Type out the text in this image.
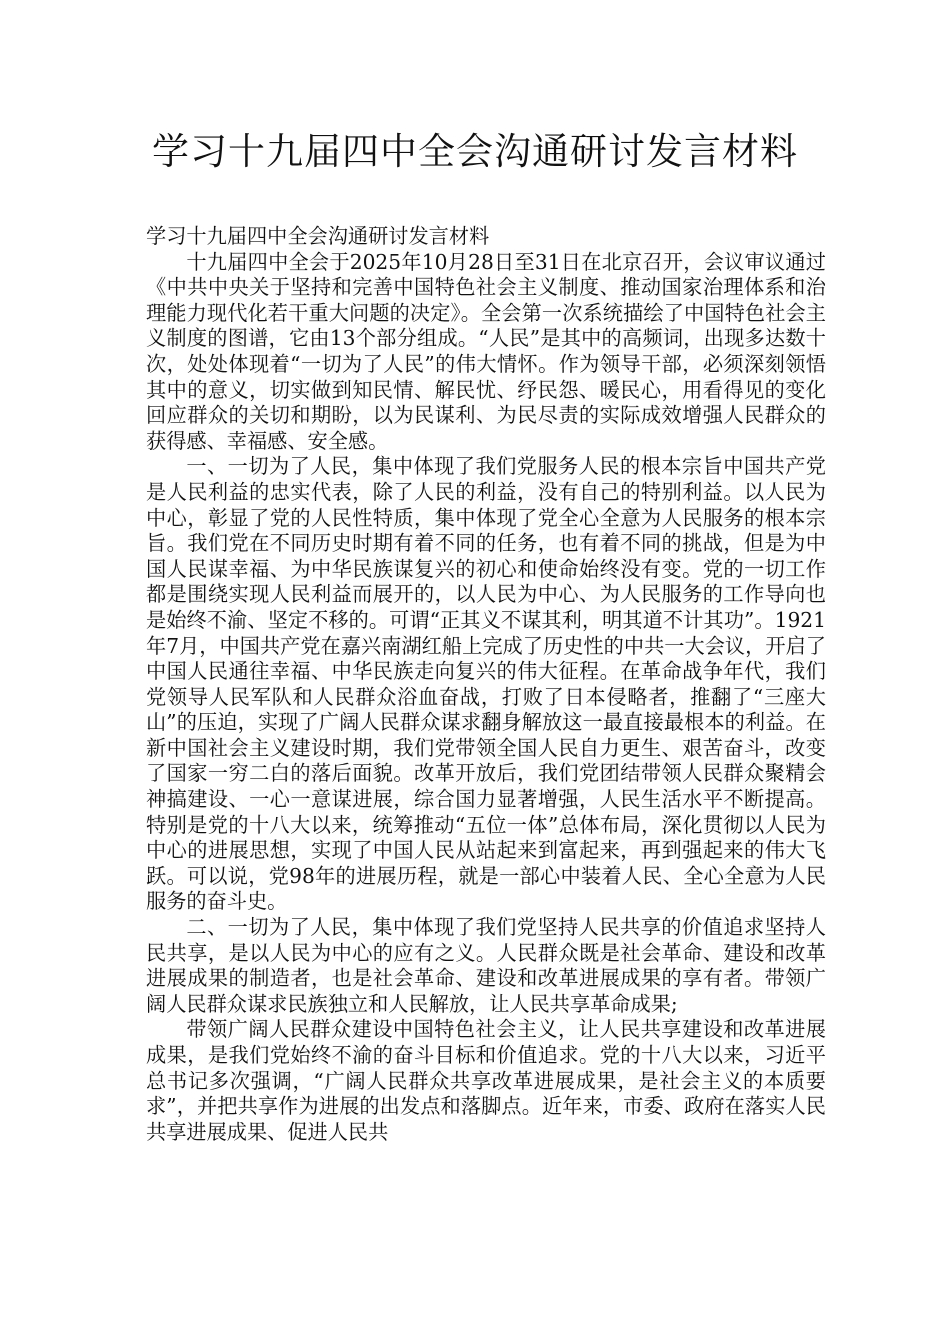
学习十九届四中全会沟通研讨发言材料

学习十九届四中全会沟通研讨发言材料

十九届四中全会于2025年10月28日至31日在北京召开，会议审议通过《中共中央关于坚持和完善中国特色社会主义制度、推动国家治理体系和治理能力现代化若干重大问题的决定》。全会第一次系统描绘了中国特色社会主义制度的图谱，它由13个部分组成。“人民”是其中的高频词，出现多达数十次，处处体现着“一切为了人民”的伟大情怀。作为领导干部，必须深刻领悟其中的意义，切实做到知民情、解民忧、纾民怨、暖民心，用看得见的变化回应群众的关切和期盼，以为民谋利、为民尽责的实际成效增强人民群众的获得感、幸福感、安全感。

一、一切为了人民，集中体现了我们党服务人民的根本宗旨中国共产党是人民利益的忠实代表，除了人民的利益，没有自己的特别利益。以人民为中心，彰显了党的人民性特质，集中体现了党全心全意为人民服务的根本宗旨。我们党在不同历史时期有着不同的任务，也有着不同的挑战，但是为中国人民谋幸福、为中华民族谋复兴的初心和使命始终没有变。党的一切工作都是围绕实现人民利益而展开的，以人民为中心、为人民服务的工作导向也是始终不渝、坚定不移的。可谓“正其义不谋其利，明其道不计其功”。1921年7月，中国共产党在嘉兴南湖红船上完成了历史性的中共一大会议，开启了中国人民通往幸福、中华民族走向复兴的伟大征程。在革命战争年代，我们党领导人民军队和人民群众浴血奋战，打败了日本侵略者，推翻了“三座大山”的压迫，实现了广阔人民群众谋求翻身解放这一最直接最根本的利益。在新中国社会主义建设时期，我们党带领全国人民自力更生、艰苦奋斗，改变了国家一穷二白的落后面貌。改革开放后，我们党团结带领人民群众聚精会神搞建设、一心一意谋进展，综合国力显著增强，人民生活水平不断提高。特别是党的十八大以来，统筹推动“五位一体”总体布局，深化贯彻以人民为中心的进展思想，实现了中国人民从站起来到富起来，再到强起来的伟大飞跃。可以说，党98年的进展历程，就是一部心中装着人民、全心全意为人民服务的奋斗史。

二、一切为了人民，集中体现了我们党坚持人民共享的价值追求坚持人民共享，是以人民为中心的应有之义。人民群众既是社会革命、建设和改革进展成果的制造者，也是社会革命、建设和改革进展成果的享有者。带领广阔人民群众谋求民族独立和人民解放，让人民共享革命成果;

带领广阔人民群众建设中国特色社会主义，让人民共享建设和改革进展成果，是我们党始终不渝的奋斗目标和价值追求。党的十八大以来，习近平总书记多次强调，“广阔人民群众共享改革进展成果，是社会主义的本质要求”，并把共享作为进展的出发点和落脚点。近年来，市委、政府在落实人民共享进展成果、促进人民共
